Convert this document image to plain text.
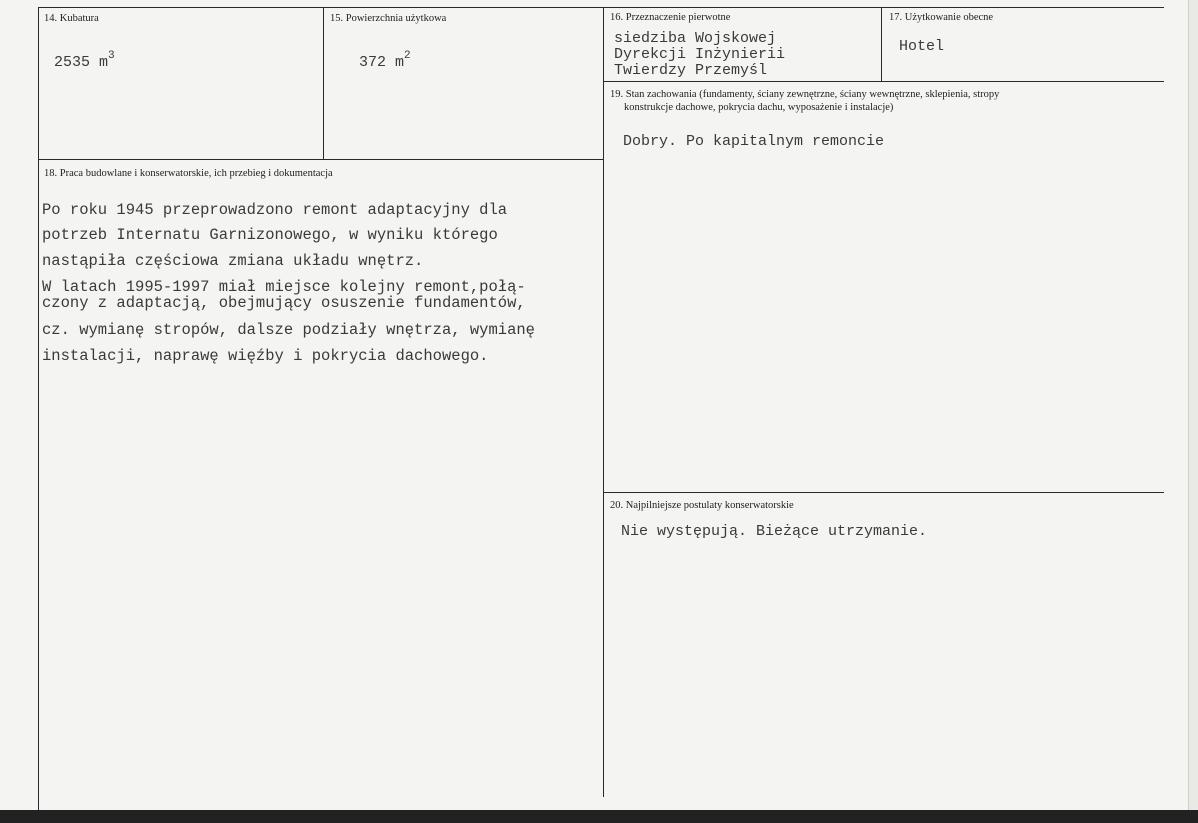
14. Kubatura
2535 $m^3$
15. Powierzchnia użytkowa
372 $m^2$
16. Przeznaczenie pierwotne
siedziba Wojskowej
Dyrekcji Inżynierii
Twierdzy Przemyśl
17. Użytkowanie obecne
Hotel
19. Stan zachowania (fundamenty, ściany zewnętrzne, ściany wewnętrzne, sklepienia, stropy
konstrukcje dachowe, pokrycia dachu, wyposażenie i instalacje)
Dobry. Po kapitalnym remoncie
18. Praca budowlane i konserwatorskie, ich przebieg i dokumentacja
Po roku 1945 przeprowadzono remont adaptacyjny dla
potrzeb Internatu Garnizonowego, w wyniku którego
nastąpiła częściowa zmiana układu wnętrz.
W latach 1995-1997 miał miejsce kolejny remont,połą-
czony z adaptacją, obejmujący osuszenie fundamentów,
cz. wymianę stropów, dalsze podziały wnętrza, wymianę
instalacji, naprawę więźby i pokrycia dachowego.
20. Najpilniejsze postulaty konserwatorskie
Nie występują. Bieżące utrzymanie.
